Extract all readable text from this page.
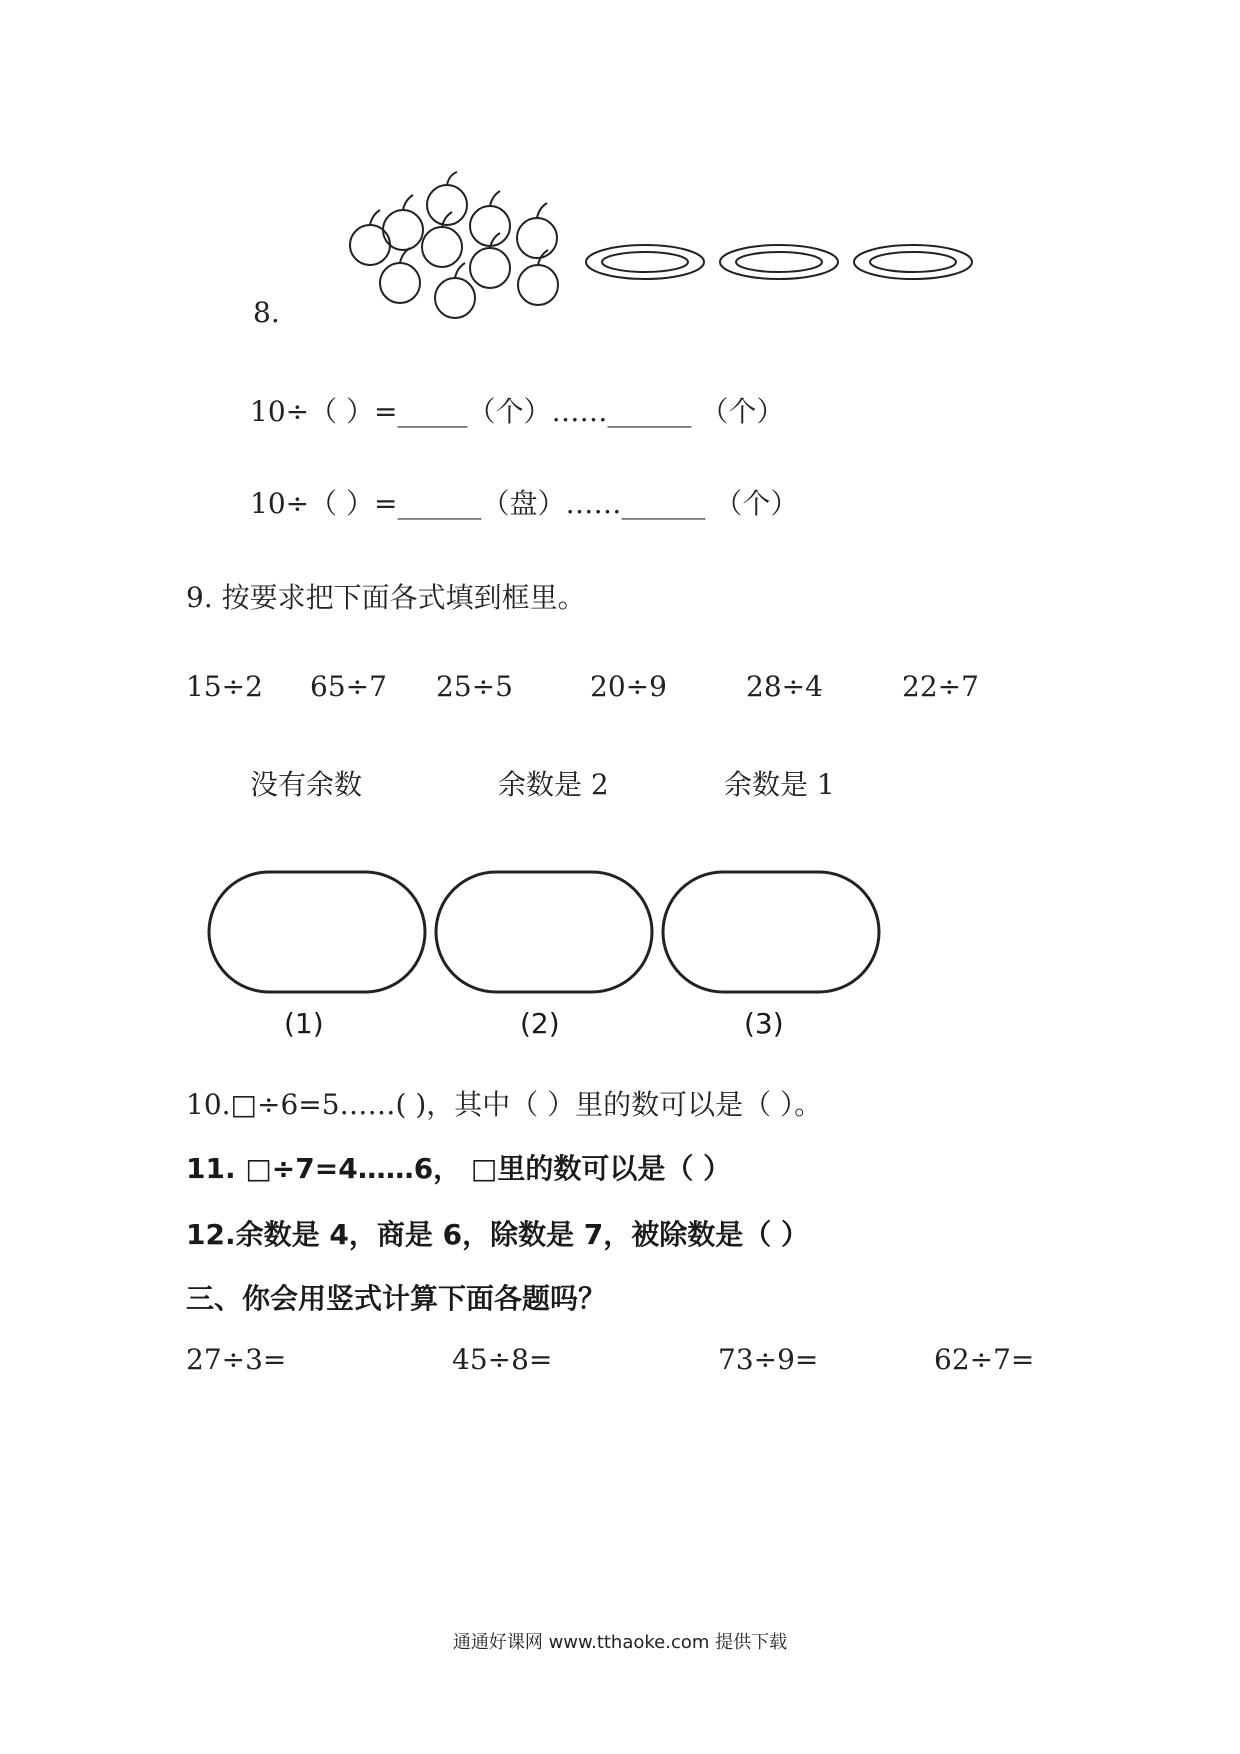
8.
10÷（ ）=_____（个）……______ （个）
10÷（ ）=______（盘）……______ （个）
9. 按要求把下面各式填到框里。
15÷2 65÷7 25÷5	20÷9	28÷4	22÷7
没有余数	余数是 2	余数是 1
(1)	(2)	(3)
10.□÷6=5……( )，其中（ ）里的数可以是（ ）。
11. □÷7=4……6， □里的数可以是（ ）
12.余数是 4，商是 6，除数是 7，被除数是（ ）
三、你会用竖式计算下面各题吗？
27÷3=	45÷8=	73÷9=	62÷7=
通通好课网 www.tthaoke.com 提供下载
